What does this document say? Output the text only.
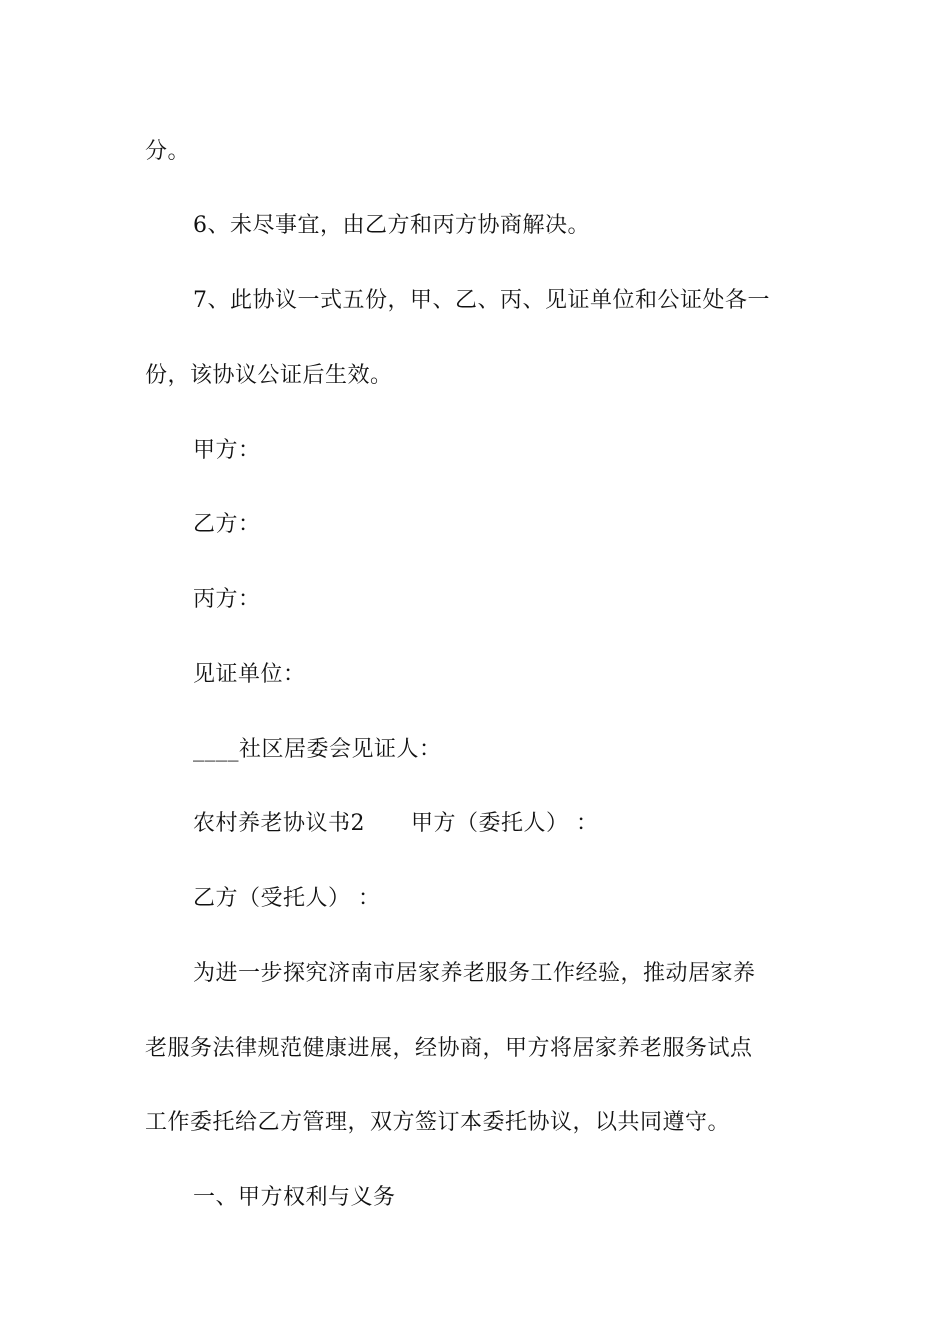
分。
6、未尽事宜，由乙方和丙方协商解决。
7、此协议一式五份，甲、乙、丙、见证单位和公证处各一
份，该协议公证后生效。
甲方：
乙方：
丙方：
见证单位：
____社区居委会见证人：
农村养老协议书2 甲方（委托人） ：
乙方（受托人） ：
为进一步探究济南市居家养老服务工作经验，推动居家养
老服务法律规范健康进展，经协商，甲方将居家养老服务试点
工作委托给乙方管理，双方签订本委托协议，以共同遵守。
一、甲方权利与义务
